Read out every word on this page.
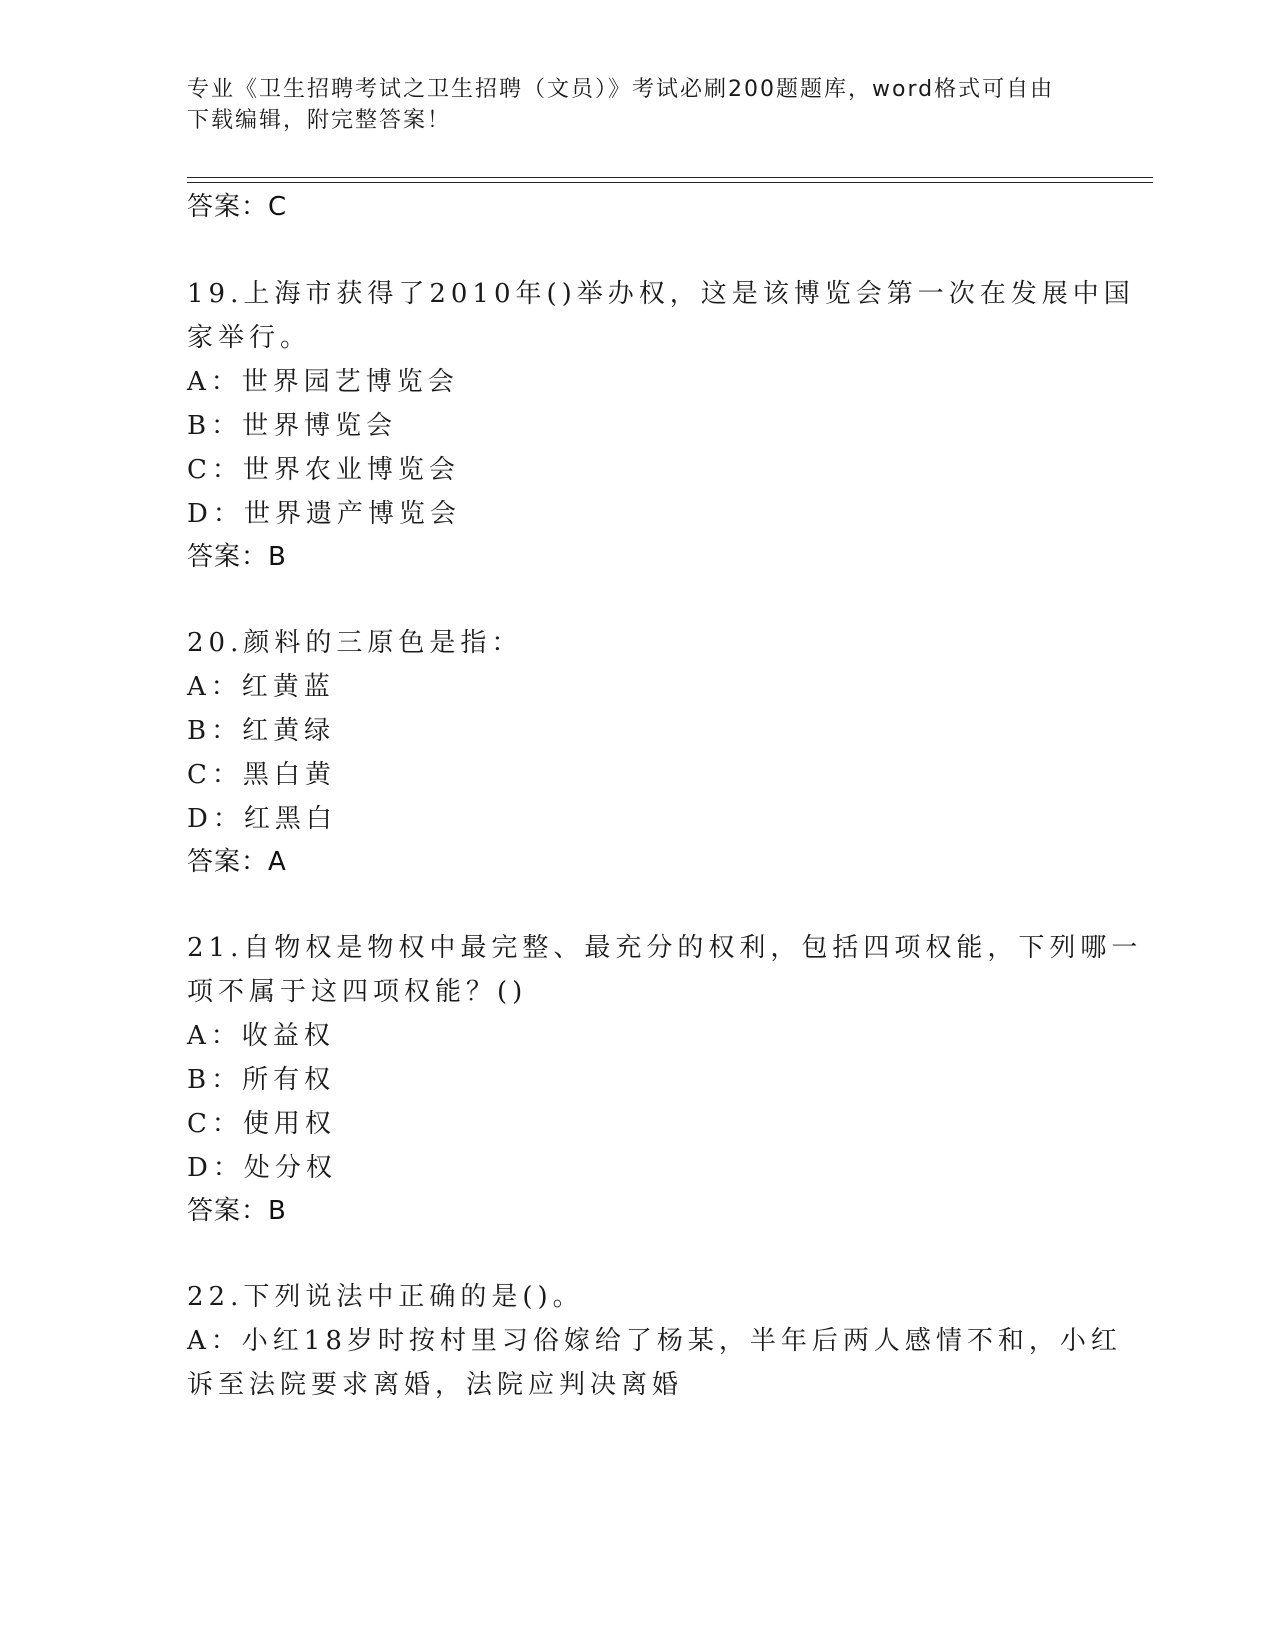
专业《卫生招聘考试之卫生招聘（文员）》考试必刷200题题库，word格式可自由下载编辑，附完整答案！
答案：C
19.上海市获得了2010年()举办权，这是该博览会第一次在发展中国
家举行。
A：世界园艺博览会
B：世界博览会
C：世界农业博览会
D：世界遗产博览会
答案：B
20.颜料的三原色是指：
A：红黄蓝
B：红黄绿
C：黑白黄
D：红黑白
答案：A
21.自物权是物权中最完整、最充分的权利，包括四项权能，下列哪一
项不属于这四项权能？()
A：收益权
B：所有权
C：使用权
D：处分权
答案：B
22.下列说法中正确的是()。
A：小红18岁时按村里习俗嫁给了杨某，半年后两人感情不和，小红
诉至法院要求离婚，法院应判决离婚
